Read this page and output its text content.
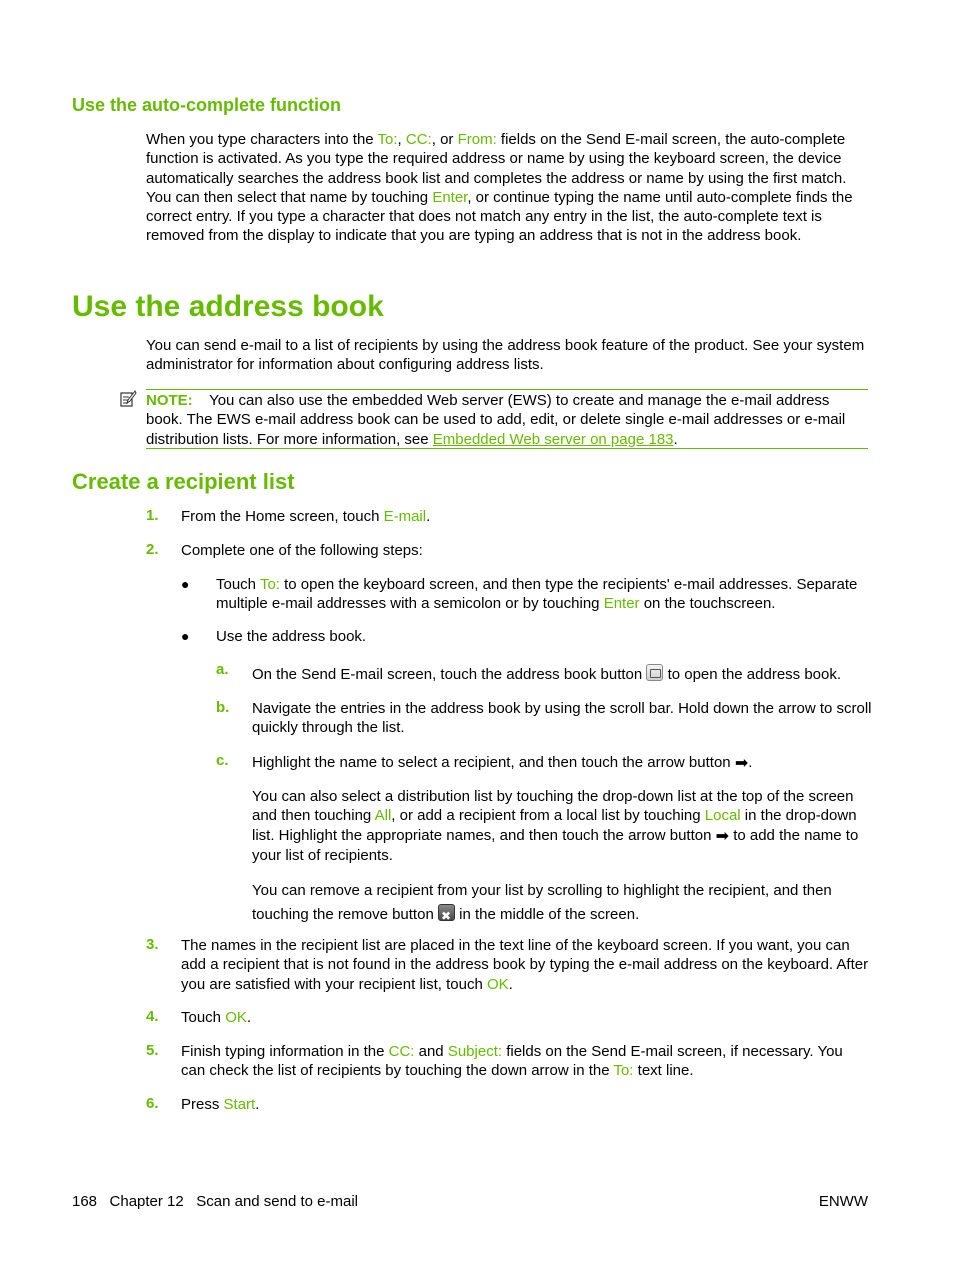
Use the auto-complete function

When you type characters into the To:, CC:, or From: fields on the Send E-mail screen, the auto-complete function is activated. As you type the required address or name by using the keyboard screen, the device automatically searches the address book list and completes the address or name by using the first match. You can then select that name by touching Enter, or continue typing the name until auto-complete finds the correct entry. If you type a character that does not match any entry in the list, the auto-complete text is removed from the display to indicate that you are typing an address that is not in the address book.

Use the address book

You can send e-mail to a list of recipients by using the address book feature of the product. See your system administrator for information about configuring address lists.

NOTE: You can also use the embedded Web server (EWS) to create and manage the e-mail address book. The EWS e-mail address book can be used to add, edit, or delete single e-mail addresses or e-mail distribution lists. For more information, see Embedded Web server on page 183.

Create a recipient list
1. From the Home screen, touch E-mail.

2. Complete one of the following steps:

● Touch To: to open the keyboard screen, and then type the recipients' e-mail addresses. Separate multiple e-mail addresses with a semicolon or by touching Enter on the touchscreen.

● Use the address book.

a. On the Send E-mail screen, touch the address book button  to open the address book.

b. Navigate the entries in the address book by using the scroll bar. Hold down the arrow to scroll quickly through the list.

c. Highlight the name to select a recipient, and then touch the arrow button ➡.

You can also select a distribution list by touching the drop-down list at the top of the screen and then touching All, or add a recipient from a local list by touching Local in the drop-down list. Highlight the appropriate names, and then touch the arrow button ➡ to add the name to your list of recipients.

You can remove a recipient from your list by scrolling to highlight the recipient, and then touching the remove button ✖ in the middle of the screen.

3. The names in the recipient list are placed in the text line of the keyboard screen. If you want, you can add a recipient that is not found in the address book by typing the e-mail address on the keyboard. After you are satisfied with your recipient list, touch OK.

4. Touch OK.

5. Finish typing information in the CC: and Subject: fields on the Send E-mail screen, if necessary. You can check the list of recipients by touching the down arrow in the To: text line.

6. Press Start.

168   Chapter 12   Scan and send to e-mail	ENWW
